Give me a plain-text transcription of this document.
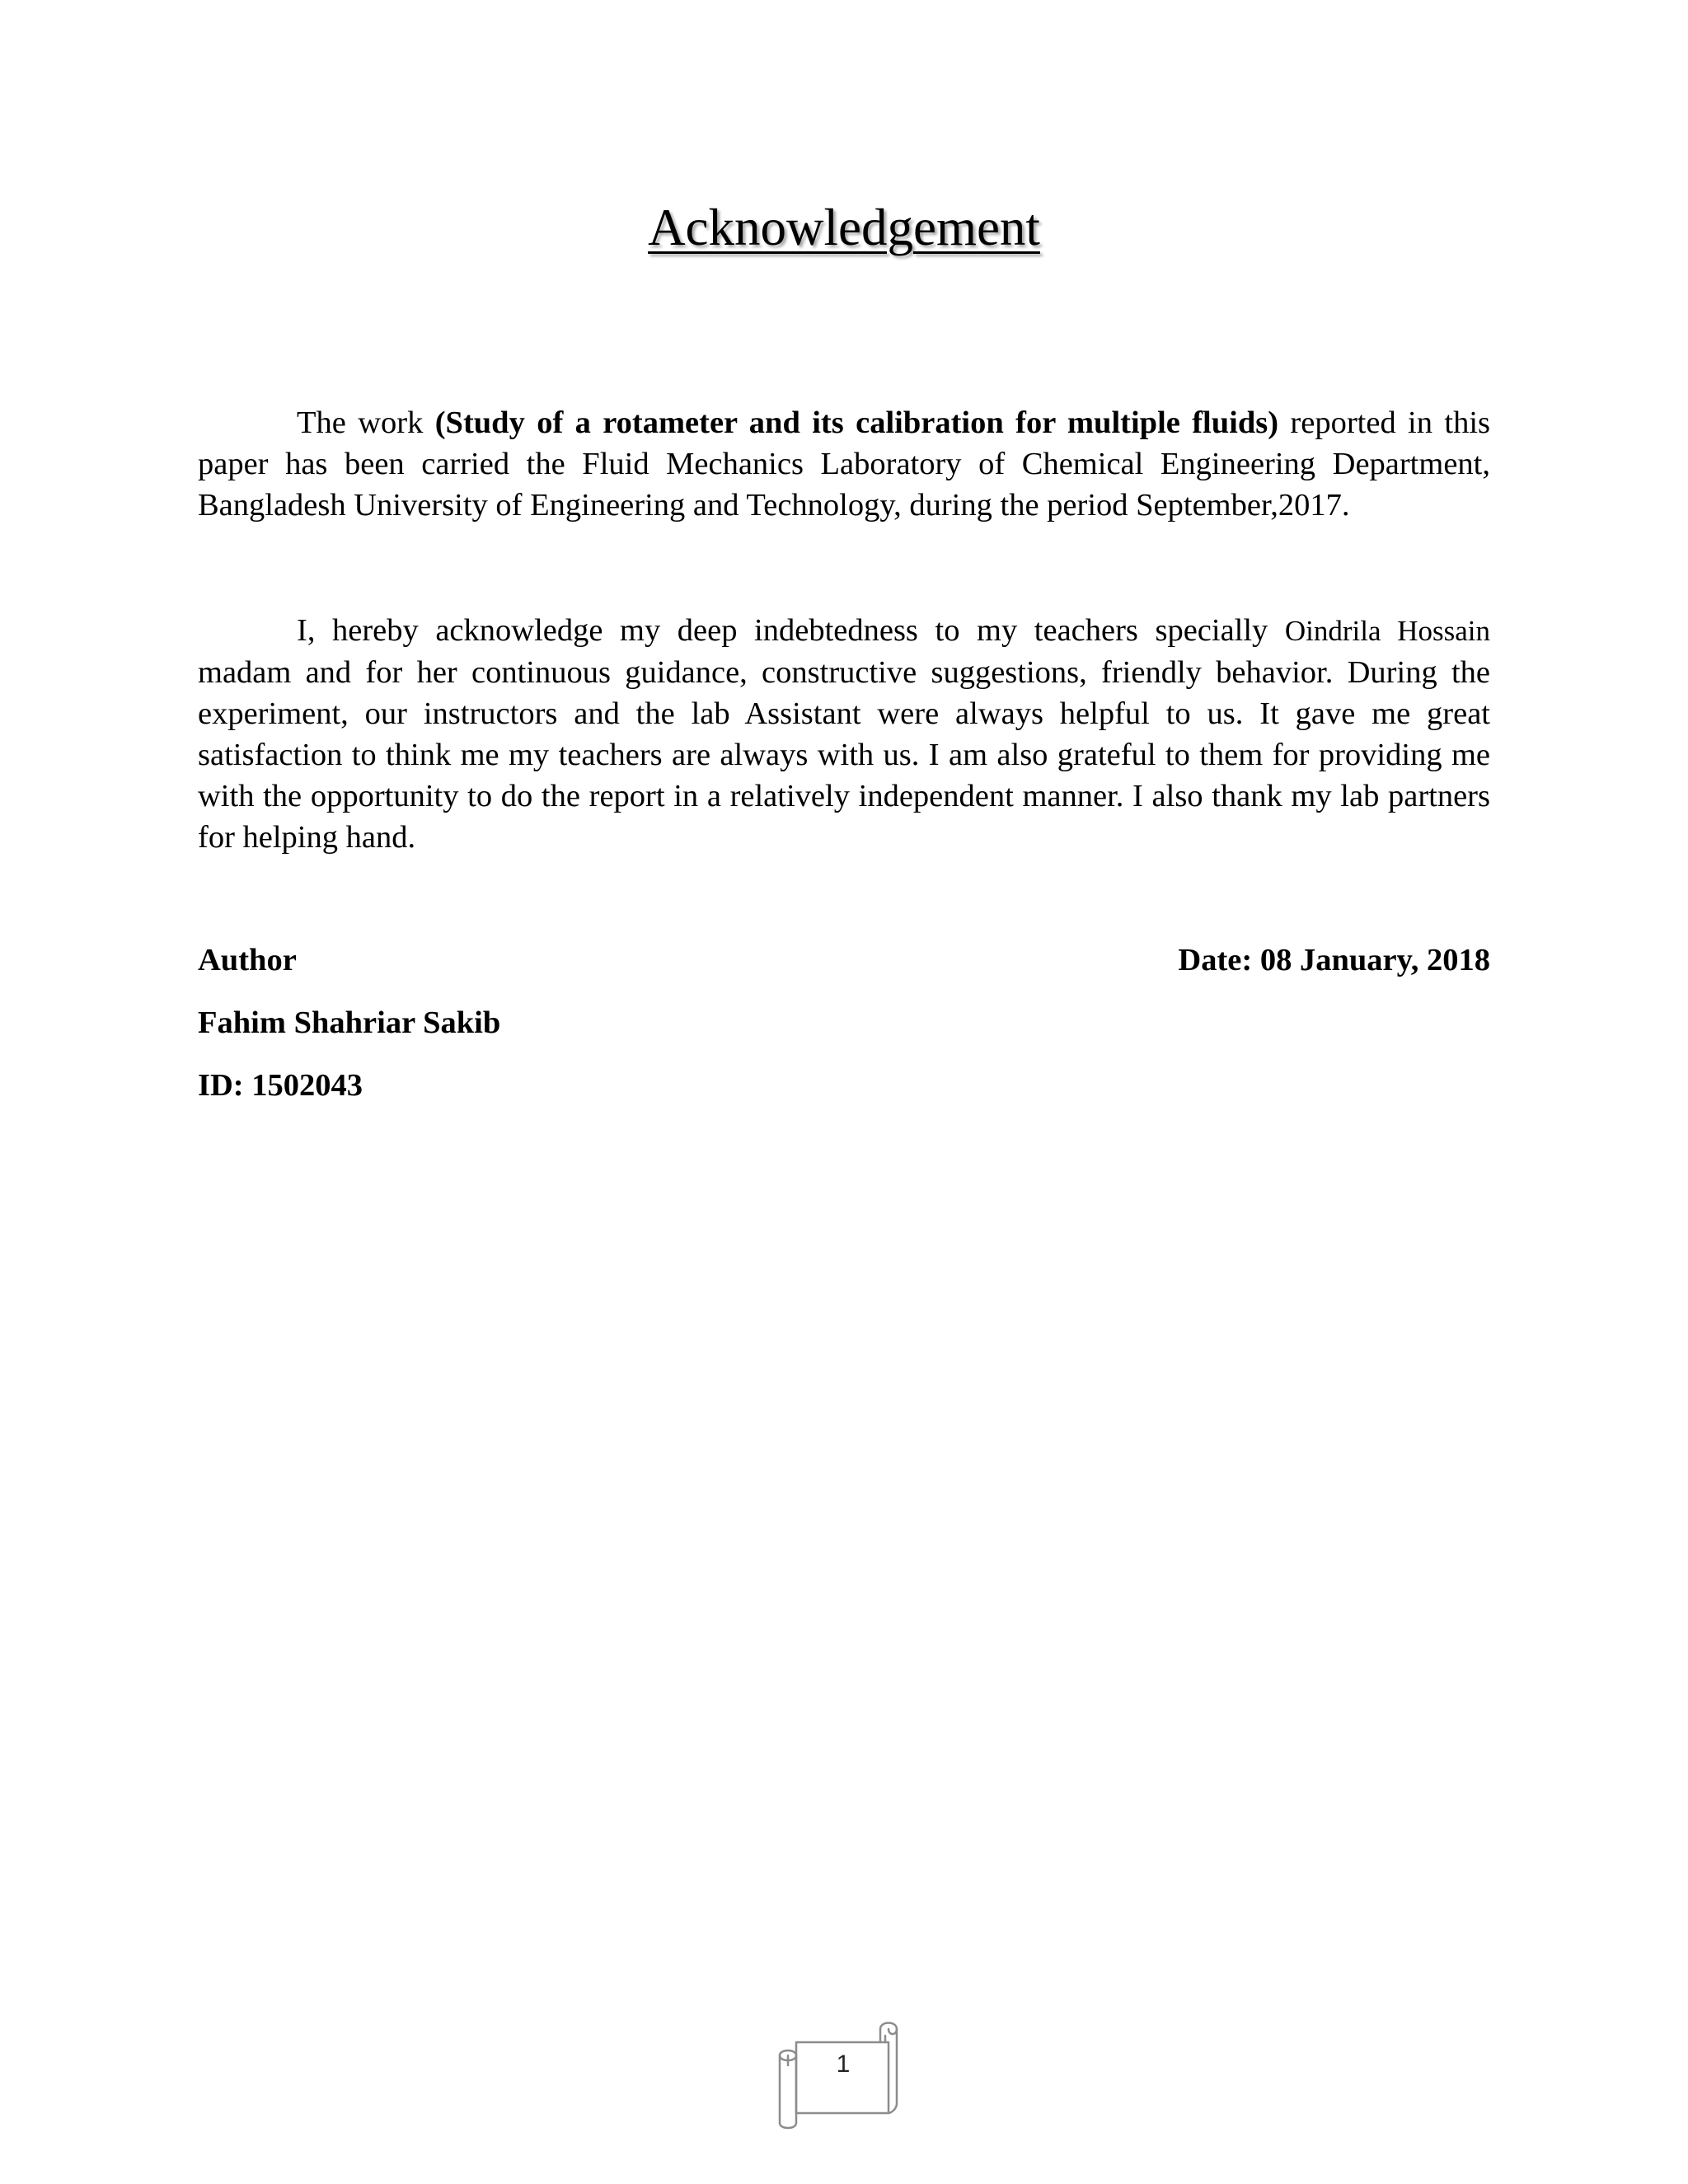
Acknowledgement

The work (Study of a rotameter and its calibration for multiple fluids) reported in this paper has been carried the Fluid Mechanics Laboratory of Chemical Engineering Department, Bangladesh University of Engineering and Technology, during the period September,2017.

I, hereby acknowledge my deep indebtedness to my teachers specially Oindrila Hossain madam and for her continuous guidance, constructive suggestions, friendly behavior. During the experiment, our instructors and the lab Assistant were always helpful to us. It gave me great satisfaction to think me my teachers are always with us. I am also grateful to them for providing me with the opportunity to do the report in a relatively independent manner. I also thank my lab partners for helping hand.

Author	Date: 08 January, 2018
Fahim Shahriar Sakib
ID: 1502043
1
